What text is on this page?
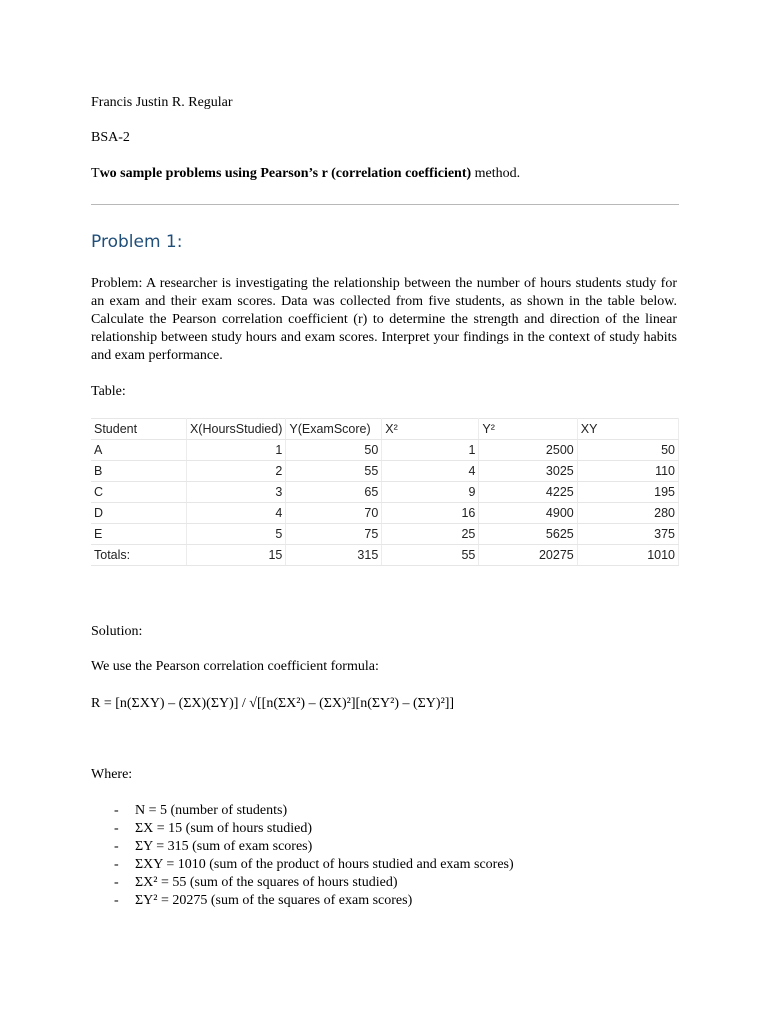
Francis Justin R. Regular
BSA-2
Two sample problems using Pearson’s r (correlation coefficient) method.
Problem 1:
Problem: A researcher is investigating the relationship between the number of hours students study for an exam and their exam scores. Data was collected from five students, as shown in the table below. Calculate the Pearson correlation coefficient (r) to determine the strength and direction of the linear relationship between study hours and exam scores. Interpret your findings in the context of study habits and exam performance.
Table:
Student	X(HoursStudied)	Y(ExamScore)	X²	Y²	XY
A	1	50	1	2500	50
B	2	55	4	3025	110
C	3	65	9	4225	195
D	4	70	16	4900	280
E	5	75	25	5625	375
Totals:	15	315	55	20275	1010
Solution:
We use the Pearson correlation coefficient formula:
R = [n(ΣXY) – (ΣX)(ΣY)] / √[[n(ΣX²) – (ΣX)²][n(ΣY²) – (ΣY)²]]
Where:
- N = 5 (number of students)
- ΣX = 15 (sum of hours studied)
- ΣY = 315 (sum of exam scores)
- ΣXY = 1010 (sum of the product of hours studied and exam scores)
- ΣX² = 55 (sum of the squares of hours studied)
- ΣY² = 20275 (sum of the squares of exam scores)
